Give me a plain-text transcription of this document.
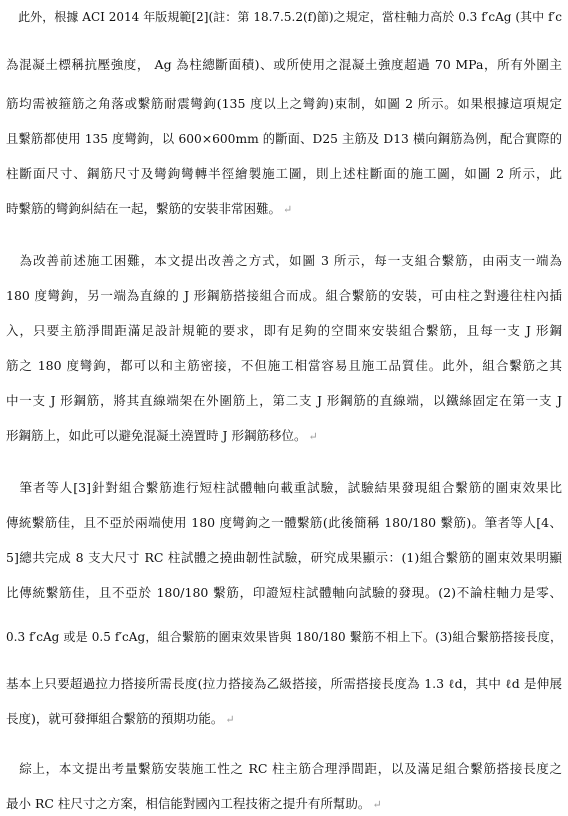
　此外，根據 ACI 2014 年版規範[2](註：第 18.7.5.2(f)節)之規定，當柱軸力高於 0.3 f′cAg (其中 f′c
為混凝土標稱抗壓強度， Ag 為柱總斷面積)、或所使用之混凝土強度超過 70 MPa，所有外圍主
筋均需被箍筋之角落或繫筋耐震彎鉤(135 度以上之彎鉤)束制，如圖 2 所示。如果根據這項規定
且繫筋都使用 135 度彎鉤，以 600×600mm 的斷面、D25 主筋及 D13 橫向鋼筋為例，配合實際的
柱斷面尺寸、鋼筋尺寸及彎鉤彎轉半徑繪製施工圖，則上述柱斷面的施工圖，如圖 2 所示，此
時繫筋的彎鉤糾結在一起，繫筋的安裝非常困難。 ↵
　為改善前述施工困難，本文提出改善之方式，如圖 3 所示，每一支組合繫筋，由兩支一端為
180 度彎鉤，另一端為直線的 J 形鋼筋搭接組合而成。組合繫筋的安裝，可由柱之對邊往柱內插
入，只要主筋淨間距滿足設計規範的要求，即有足夠的空間來安裝組合繫筋，且每一支 J 形鋼
筋之 180 度彎鉤，都可以和主筋密接，不但施工相當容易且施工品質佳。此外，組合繫筋之其
中一支 J 形鋼筋，將其直線端架在外圍筋上，第二支 J 形鋼筋的直線端，以鐵絲固定在第一支 J
形鋼筋上，如此可以避免混凝土澆置時 J 形鋼筋移位。 ↵
　筆者等人[3]針對組合繫筋進行短柱試體軸向載重試驗，試驗結果發現組合繫筋的圍束效果比
傳統繫筋佳，且不亞於兩端使用 180 度彎鉤之一體繫筋(此後簡稱 180/180 繫筋)。筆者等人[4、
5]總共完成 8 支大尺寸 RC 柱試體之撓曲韌性試驗，研究成果顯示：(1)組合繫筋的圍束效果明顯
比傳統繫筋佳，且不亞於 180/180 繫筋，印證短柱試體軸向試驗的發現。(2)不論柱軸力是零、
0.3 f′cAg 或是 0.5 f′cAg，組合繫筋的圍束效果皆與 180/180 繫筋不相上下。(3)組合繫筋搭接長度，
基本上只要超過拉力搭接所需長度(拉力搭接為乙級搭接，所需搭接長度為 1.3 ℓd，其中 ℓd 是伸展
長度)，就可發揮組合繫筋的預期功能。 ↵
　綜上，本文提出考量繫筋安裝施工性之 RC 柱主筋合理淨間距，以及滿足組合繫筋搭接長度之
最小 RC 柱尺寸之方案，相信能對國內工程技術之提升有所幫助。 ↵
